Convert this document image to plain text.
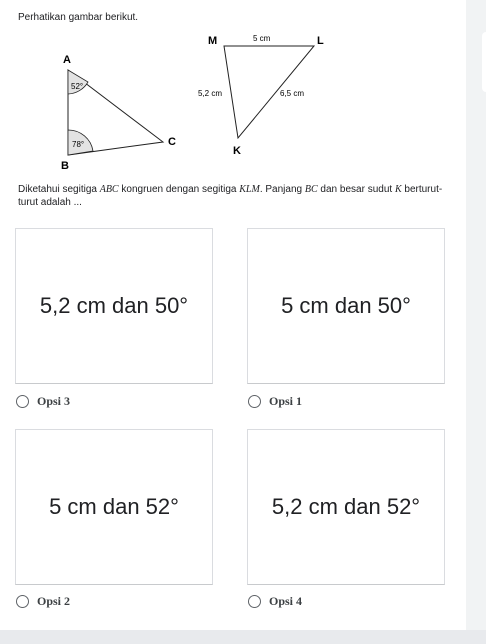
Perhatikan gambar berikut.
A
B
C
52°
78°
M	L
K
5 cm
5,2 cm	6,5 cm
Diketahui segitiga ABC kongruen dengan segitiga KLM. Panjang BC dan besar sudut K berturut-turut adalah ...
5,2 cm dan 50°
Opsi 3
5 cm dan 50°
Opsi 1
5 cm dan 52°
Opsi 2
5,2 cm dan 52°
Opsi 4
